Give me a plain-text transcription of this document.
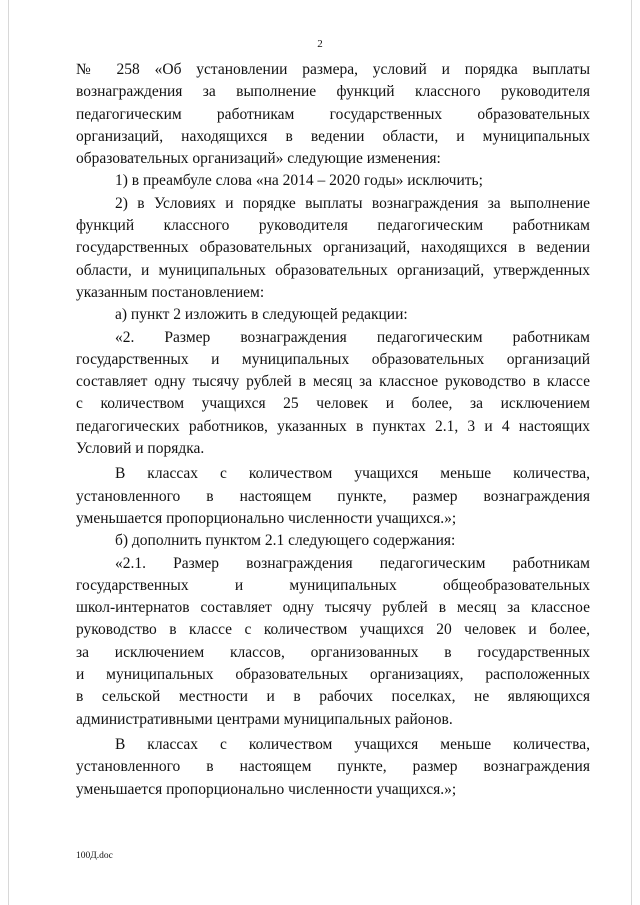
2
№ 258 «Об установлении размера, условий и порядка выплаты
вознаграждения за выполнение функций классного руководителя
педагогическим работникам государственных образовательных
организаций, находящихся в ведении области, и муниципальных
образовательных организаций» следующие изменения:
1) в преамбуле слова «на 2014 – 2020 годы» исключить;
2) в Условиях и порядке выплаты вознаграждения за выполнение
функций классного руководителя педагогическим работникам
государственных образовательных организаций, находящихся в ведении
области, и муниципальных образовательных организаций, утвержденных
указанным постановлением:
а) пункт 2 изложить в следующей редакции:
«2. Размер вознаграждения педагогическим работникам
государственных и муниципальных образовательных организаций
составляет одну тысячу рублей в месяц за классное руководство в классе
с количеством учащихся 25 человек и более, за исключением
педагогических работников, указанных в пунктах 2.1, 3 и 4 настоящих
Условий и порядка.
В классах с количеством учащихся меньше количества,
установленного в настоящем пункте, размер вознаграждения
уменьшается пропорционально численности учащихся.»;
б) дополнить пунктом 2.1 следующего содержания:
«2.1. Размер вознаграждения педагогическим работникам
государственных и муниципальных общеобразовательных
школ-интернатов составляет одну тысячу рублей в месяц за классное
руководство в классе с количеством учащихся 20 человек и более,
за исключением классов, организованных в государственных
и муниципальных образовательных организациях, расположенных
в сельской местности и в рабочих поселках, не являющихся
административными центрами муниципальных районов.
В классах с количеством учащихся меньше количества,
установленного в настоящем пункте, размер вознаграждения
уменьшается пропорционально численности учащихся.»;
100Д.doc
